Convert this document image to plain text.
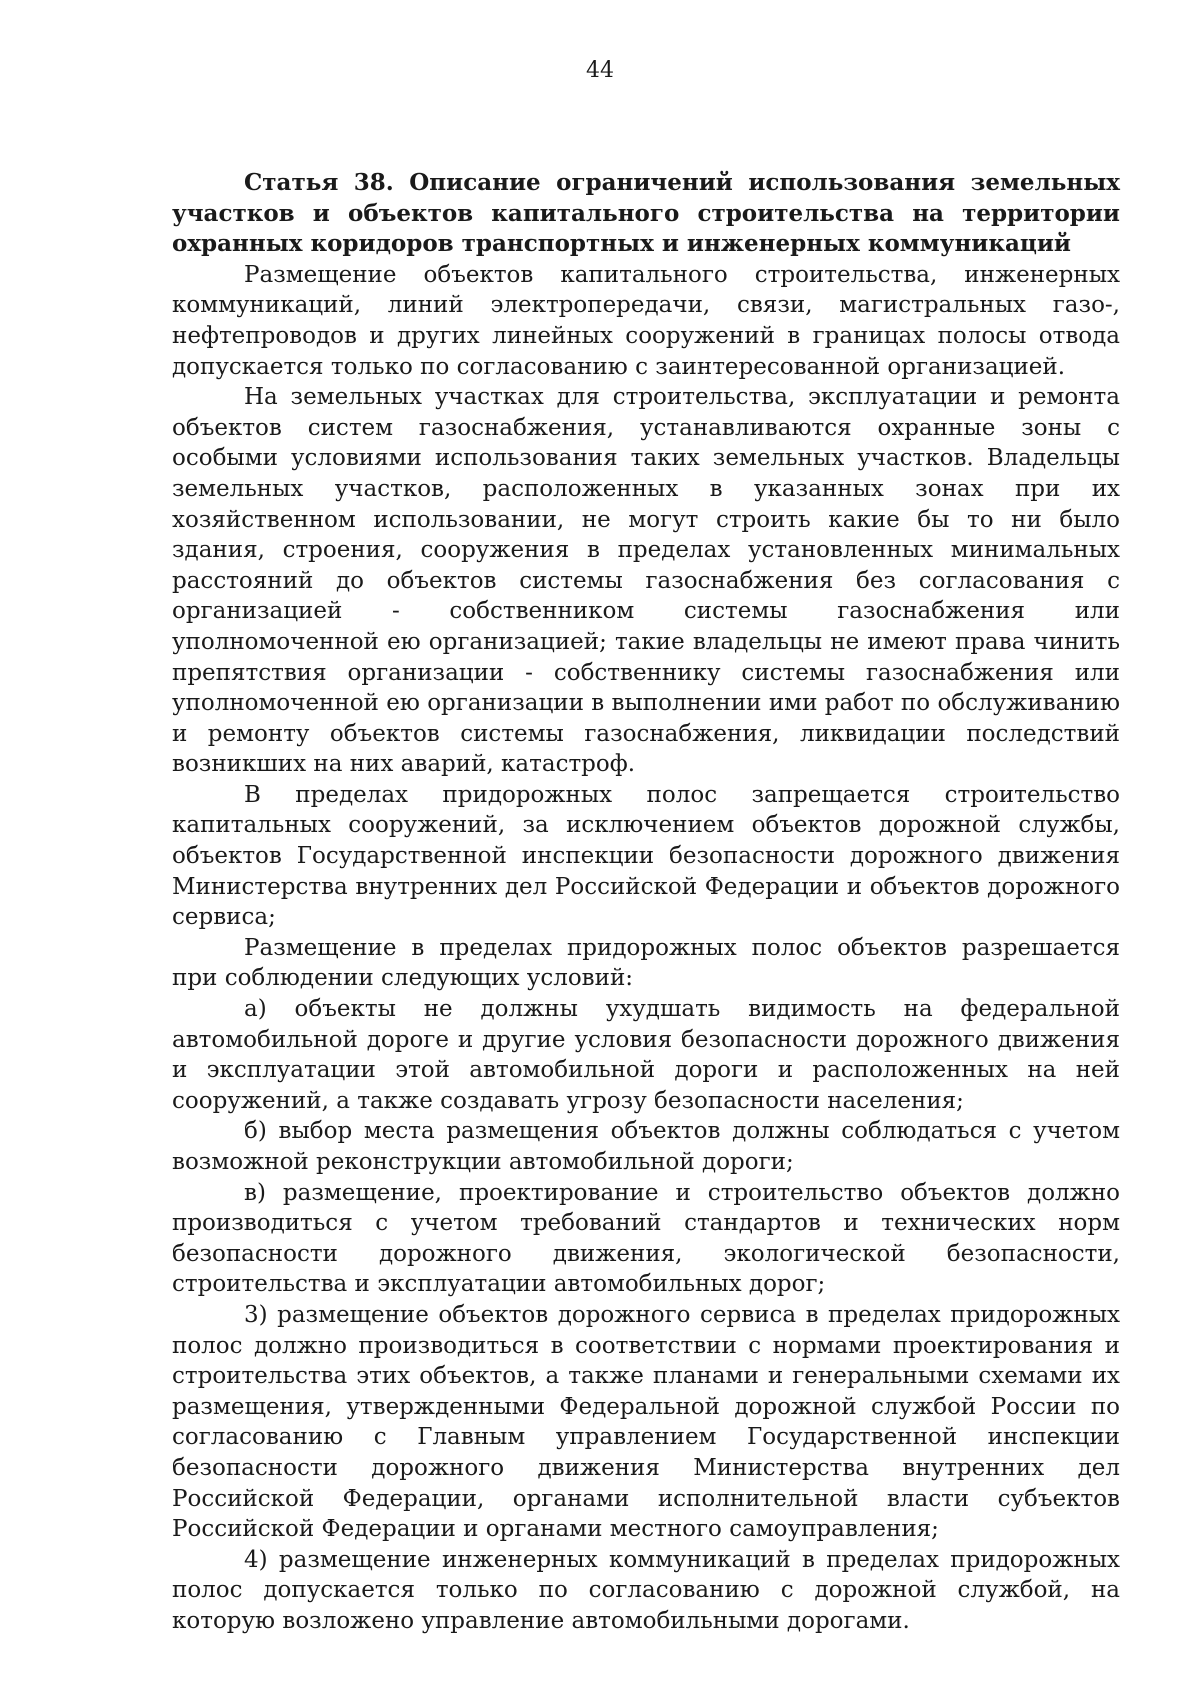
44

Статья 38. Описание ограничений использования земельных участков и объектов капитального строительства на территории охранных коридоров транспортных и инженерных коммуникаций

Размещение объектов капитального строительства, инженерных коммуникаций, линий электропередачи, связи, магистральных газо-, нефтепроводов и других линейных сооружений в границах полосы отвода допускается только по согласованию с заинтересованной организацией.

На земельных участках для строительства, эксплуатации и ремонта объектов систем газоснабжения, устанавливаются охранные зоны с особыми условиями использования таких земельных участков. Владельцы земельных участков, расположенных в указанных зонах при их хозяйственном использовании, не могут строить какие бы то ни было здания, строения, сооружения в пределах установленных минимальных расстояний до объектов системы газоснабжения без согласования с организацией - собственником системы газоснабжения или уполномоченной ею организацией; такие владельцы не имеют права чинить препятствия организации - собственнику системы газоснабжения или уполномоченной ею организации в выполнении ими работ по обслуживанию и ремонту объектов системы газоснабжения, ликвидации последствий возникших на них аварий, катастроф.

В пределах придорожных полос запрещается строительство капитальных сооружений, за исключением объектов дорожной службы, объектов Государственной инспекции безопасности дорожного движения Министерства внутренних дел Российской Федерации и объектов дорожного сервиса;

Размещение в пределах придорожных полос объектов разрешается при соблюдении следующих условий:

а) объекты не должны ухудшать видимость на федеральной автомобильной дороге и другие условия безопасности дорожного движения и эксплуатации этой автомобильной дороги и расположенных на ней сооружений, а также создавать угрозу безопасности населения;

б) выбор места размещения объектов должны соблюдаться с учетом возможной реконструкции автомобильной дороги;

в) размещение, проектирование и строительство объектов должно производиться с учетом требований стандартов и технических норм безопасности дорожного движения, экологической безопасности, строительства и эксплуатации автомобильных дорог;

3) размещение объектов дорожного сервиса в пределах придорожных полос должно производиться в соответствии с нормами проектирования и строительства этих объектов, а также планами и генеральными схемами их размещения, утвержденными Федеральной дорожной службой России по согласованию с Главным управлением Государственной инспекции безопасности дорожного движения Министерства внутренних дел Российской Федерации, органами исполнительной власти субъектов Российской Федерации и органами местного самоуправления;

4) размещение инженерных коммуникаций в пределах придорожных полос допускается только по согласованию с дорожной службой, на которую возложено управление автомобильными дорогами.
